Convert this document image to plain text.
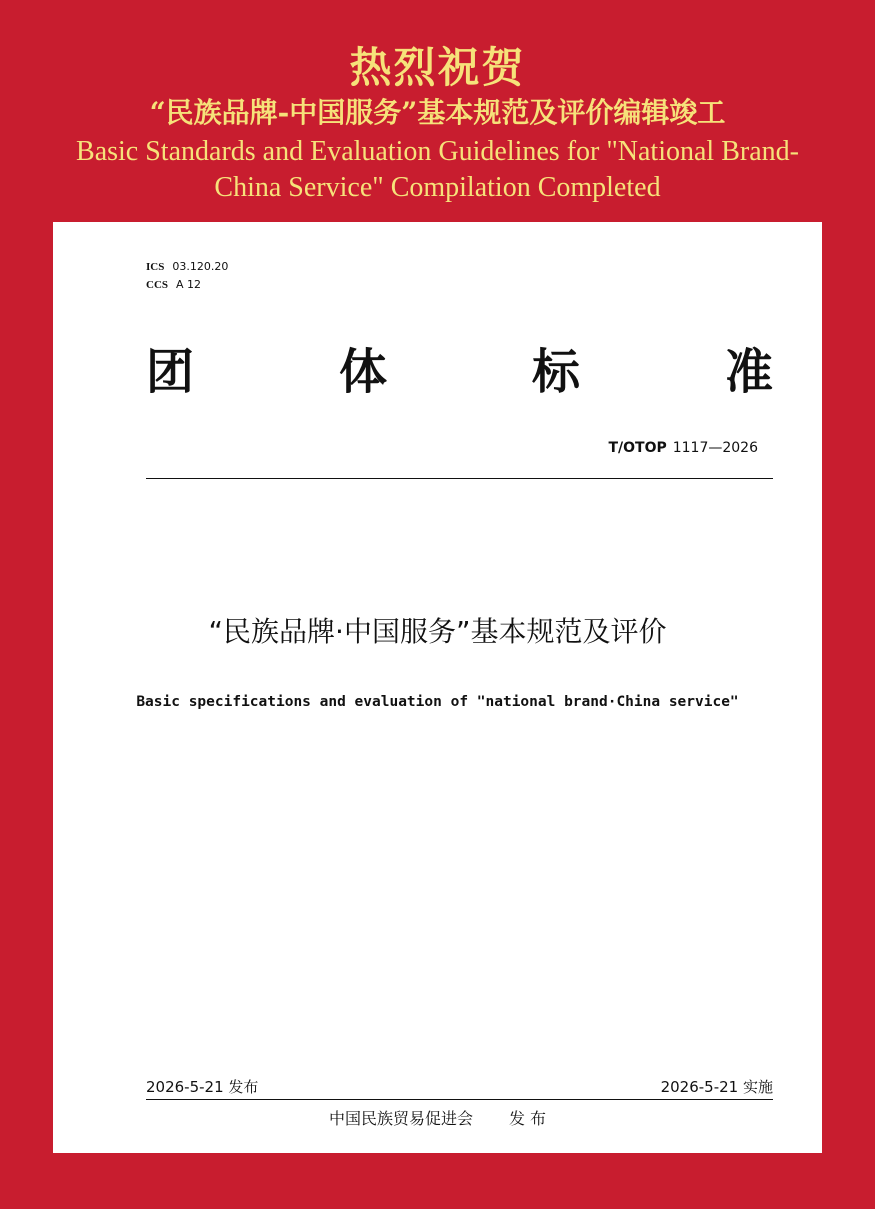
热烈祝贺
“民族品牌-中国服务”基本规范及评价编辑竣工
Basic Standards and Evaluation Guidelines for "National Brand-China Service" Compilation Completed
ICS 03.120.20
CCS A 12
团	体	标	准
T/OTOP 1117—2026
“民族品牌·中国服务”基本规范及评价
Basic specifications and evaluation of "national brand·China service"
2026-5-21 发布	2026-5-21 实施
中国民族贸易促进会 发 布
